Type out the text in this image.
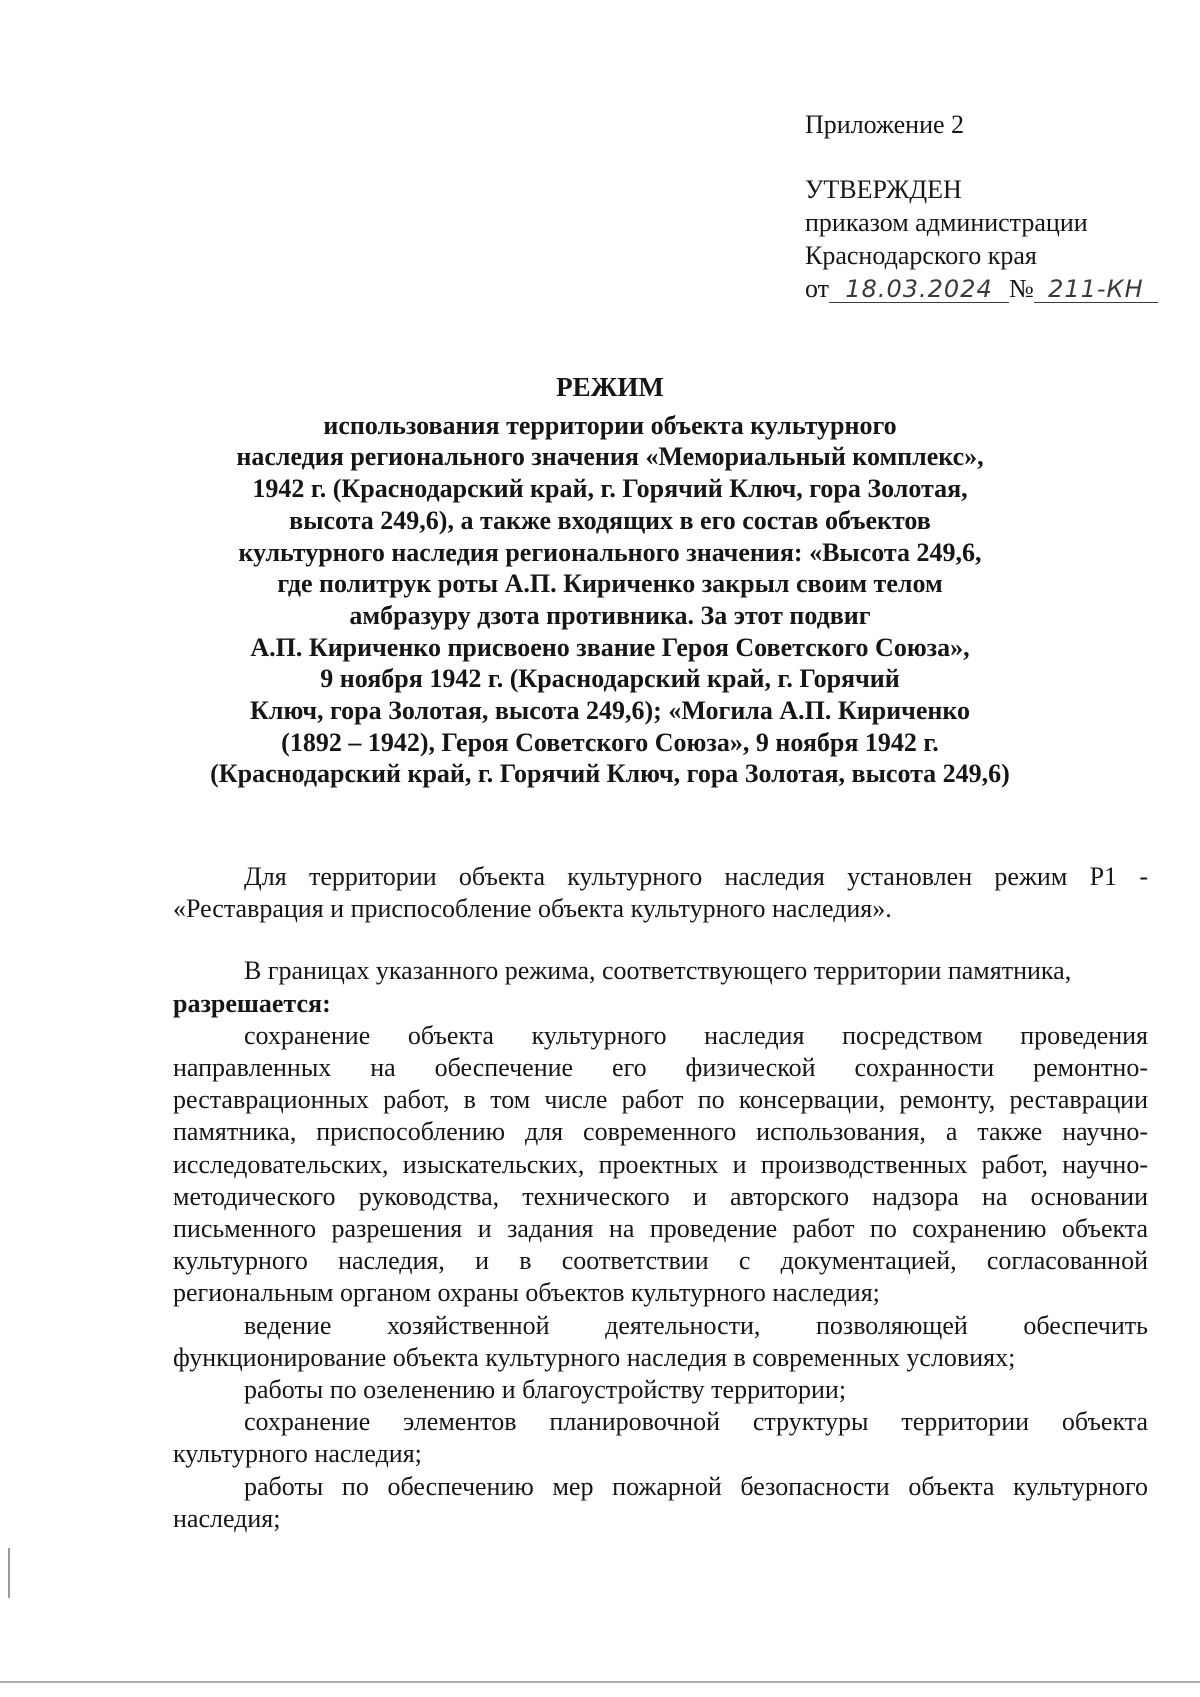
Приложение 2
УТВЕРЖДЕН
приказом администрации
Краснодарского края
от 18.03.2024 № 211-КН
РЕЖИМ
использования территории объекта культурного
наследия регионального значения «Мемориальный комплекс»,
1942 г. (Краснодарский край, г. Горячий Ключ, гора Золотая,
высота 249,6), а также входящих в его состав объектов
культурного наследия регионального значения: «Высота 249,6,
где политрук роты А.П. Кириченко закрыл своим телом
амбразуру дзота противника. За этот подвиг
А.П. Кириченко присвоено звание Героя Советского Союза»,
9 ноября 1942 г. (Краснодарский край, г. Горячий
Ключ, гора Золотая, высота 249,6); «Могила А.П. Кириченко
(1892 – 1942), Героя Советского Союза», 9 ноября 1942 г.
(Краснодарский край, г. Горячий Ключ, гора Золотая, высота 249,6)

Для территории объекта культурного наследия установлен режим Р1 - «Реставрация и приспособление объекта культурного наследия».

В границах указанного режима, соответствующего территории памятника,

разрешается:

сохранение объекта культурного наследия посредством проведения направленных на обеспечение его физической сохранности ремонтно-реставрационных работ, в том числе работ по консервации, ремонту, реставрации памятника, приспособлению для современного использования, а также научно-исследовательских, изыскательских, проектных и производственных работ, научно-методического руководства, технического и авторского надзора на основании письменного разрешения и задания на проведение работ по сохранению объекта культурного наследия, и в соответствии с документацией, согласованной региональным органом охраны объектов культурного наследия;

ведение хозяйственной деятельности, позволяющей обеспечить функционирование объекта культурного наследия в современных условиях;

работы по озеленению и благоустройству территории;

сохранение элементов планировочной структуры территории объекта культурного наследия;

работы по обеспечению мер пожарной безопасности объекта культурного наследия;
